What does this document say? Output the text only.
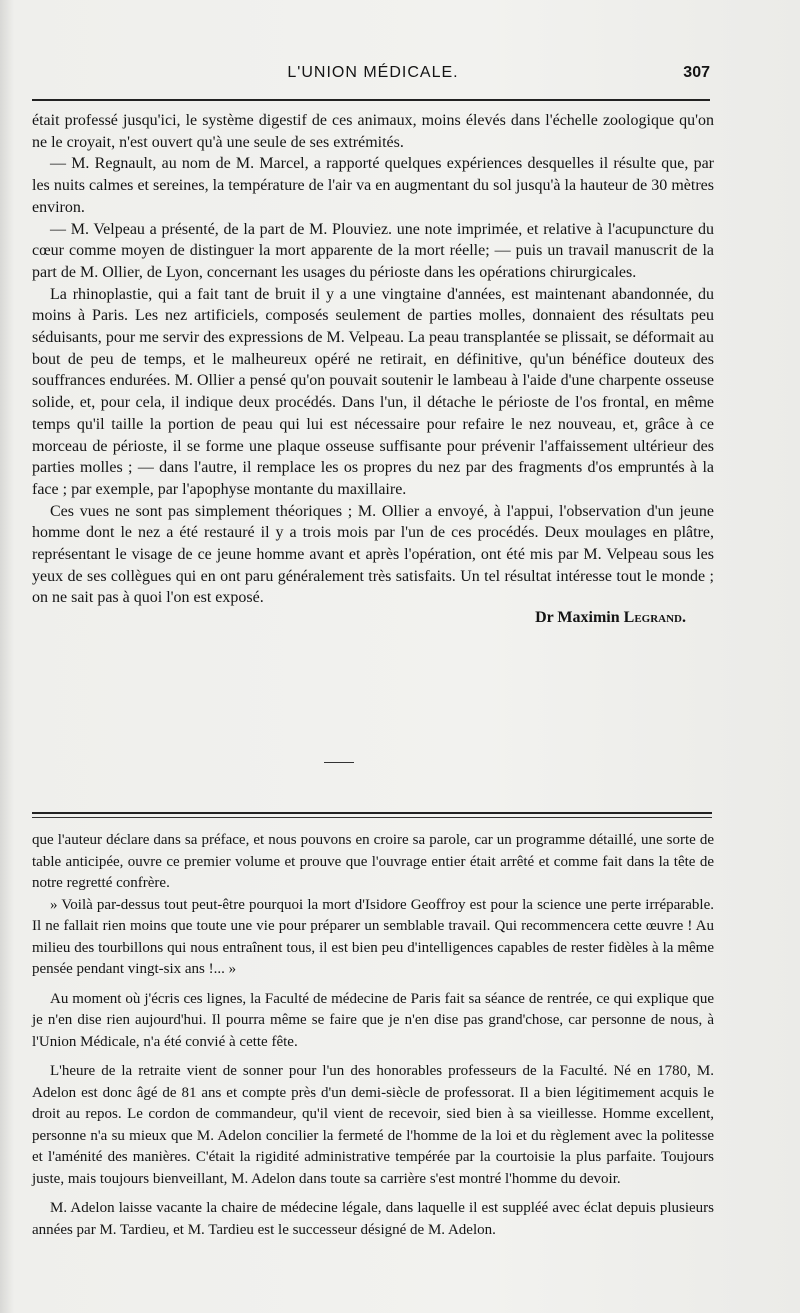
L'UNION MÉDICALE.	307

était professé jusqu'ici, le système digestif de ces animaux, moins élevés dans l'échelle zoologique qu'on ne le croyait, n'est ouvert qu'à une seule de ses extrémités.

— M. Regnault, au nom de M. Marcel, a rapporté quelques expériences desquelles il résulte que, par les nuits calmes et sereines, la température de l'air va en augmentant du sol jusqu'à la hauteur de 30 mètres environ.

— M. Velpeau a présenté, de la part de M. Plouviez. une note imprimée, et relative à l'acupuncture du cœur comme moyen de distinguer la mort apparente de la mort réelle; — puis un travail manuscrit de la part de M. Ollier, de Lyon, concernant les usages du périoste dans les opérations chirurgicales.

La rhinoplastie, qui a fait tant de bruit il y a une vingtaine d'années, est maintenant abandonnée, du moins à Paris. Les nez artificiels, composés seulement de parties molles, donnaient des résultats peu séduisants, pour me servir des expressions de M. Velpeau. La peau transplantée se plissait, se déformait au bout de peu de temps, et le malheureux opéré ne retirait, en définitive, qu'un bénéfice douteux des souffrances endurées. M. Ollier a pensé qu'on pouvait soutenir le lambeau à l'aide d'une charpente osseuse solide, et, pour cela, il indique deux procédés. Dans l'un, il détache le périoste de l'os frontal, en même temps qu'il taille la portion de peau qui lui est nécessaire pour refaire le nez nouveau, et, grâce à ce morceau de périoste, il se forme une plaque osseuse suffisante pour prévenir l'affaissement ultérieur des parties molles ; — dans l'autre, il remplace les os propres du nez par des fragments d'os empruntés à la face ; par exemple, par l'apophyse montante du maxillaire.

Ces vues ne sont pas simplement théoriques ; M. Ollier a envoyé, à l'appui, l'observation d'un jeune homme dont le nez a été restauré il y a trois mois par l'un de ces procédés. Deux moulages en plâtre, représentant le visage de ce jeune homme avant et après l'opération, ont été mis par M. Velpeau sous les yeux de ses collègues qui en ont paru généralement très satisfaits. Un tel résultat intéresse tout le monde ; on ne sait pas à quoi l'on est exposé.

Dr Maximin Legrand.

que l'auteur déclare dans sa préface, et nous pouvons en croire sa parole, car un programme détaillé, une sorte de table anticipée, ouvre ce premier volume et prouve que l'ouvrage entier était arrêté et comme fait dans la tête de notre regretté confrère.

» Voilà par-dessus tout peut-être pourquoi la mort d'Isidore Geoffroy est pour la science une perte irréparable. Il ne fallait rien moins que toute une vie pour préparer un semblable travail. Qui recommencera cette œuvre ! Au milieu des tourbillons qui nous entraînent tous, il est bien peu d'intelligences capables de rester fidèles à la même pensée pendant vingt-six ans !... »

Au moment où j'écris ces lignes, la Faculté de médecine de Paris fait sa séance de rentrée, ce qui explique que je n'en dise rien aujourd'hui. Il pourra même se faire que je n'en dise pas grand'chose, car personne de nous, à l'Union Médicale, n'a été convié à cette fête.

L'heure de la retraite vient de sonner pour l'un des honorables professeurs de la Faculté. Né en 1780, M. Adelon est donc âgé de 81 ans et compte près d'un demi-siècle de professorat. Il a bien légitimement acquis le droit au repos. Le cordon de commandeur, qu'il vient de recevoir, sied bien à sa vieillesse. Homme excellent, personne n'a su mieux que M. Adelon concilier la fermeté de l'homme de la loi et du règlement avec la politesse et l'aménité des manières. C'était la rigidité administrative tempérée par la courtoisie la plus parfaite. Toujours juste, mais toujours bienveillant, M. Adelon dans toute sa carrière s'est montré l'homme du devoir.

M. Adelon laisse vacante la chaire de médecine légale, dans laquelle il est suppléé avec éclat depuis plusieurs années par M. Tardieu, et M. Tardieu est le successeur désigné de M. Adelon.
